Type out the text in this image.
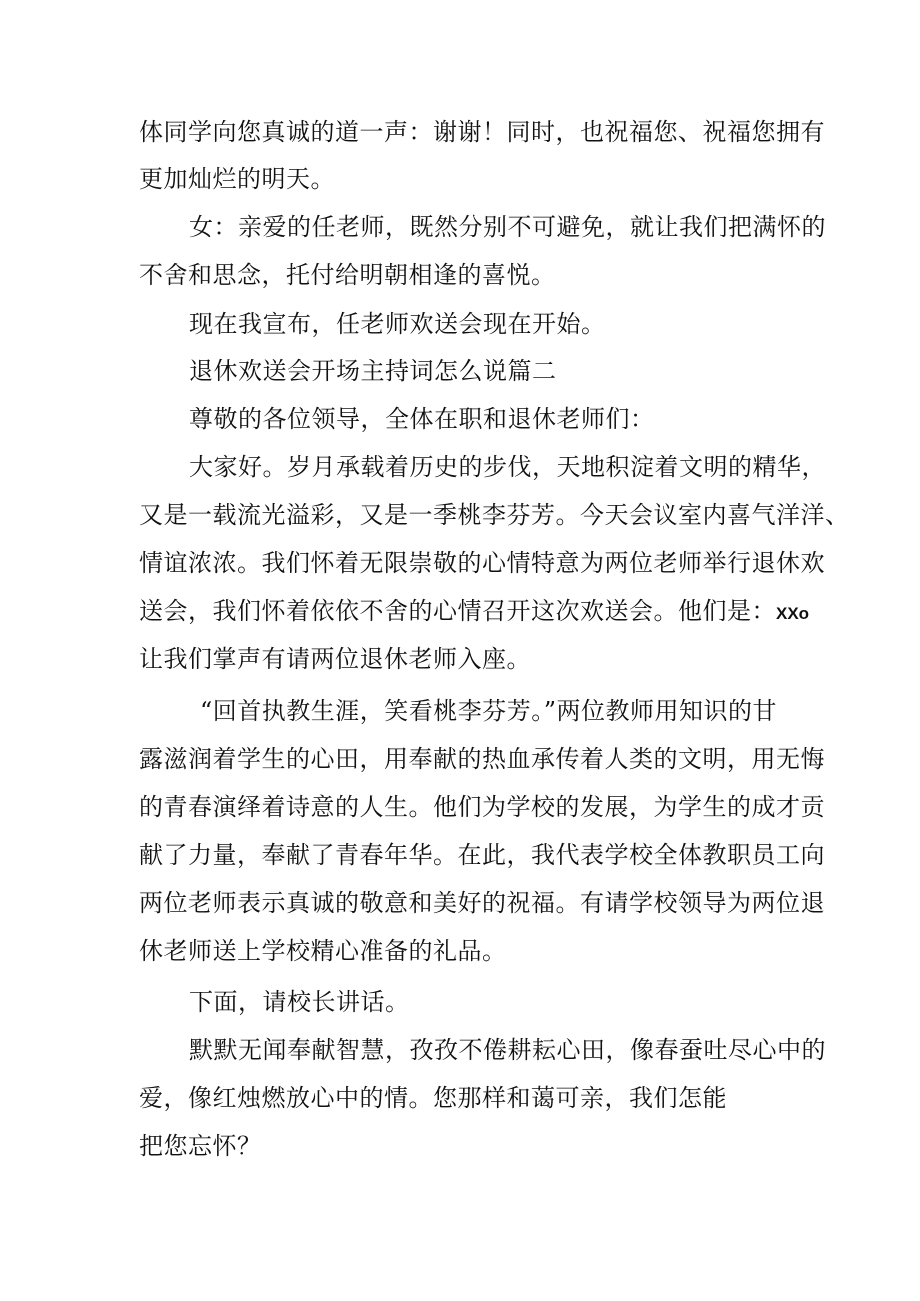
体同学向您真诚的道一声：谢谢！同时，也祝福您、祝福您拥有
更加灿烂的明天。
女：亲爱的任老师，既然分别不可避免，就让我们把满怀的
不舍和思念，托付给明朝相逢的喜悦。
现在我宣布，任老师欢送会现在开始。
退休欢送会开场主持词怎么说篇二
尊敬的各位领导，全体在职和退休老师们：
大家好。岁月承载着历史的步伐，天地积淀着文明的精华，
又是一载流光溢彩，又是一季桃李芬芳。今天会议室内喜气洋洋、
情谊浓浓。我们怀着无限崇敬的心情特意为两位老师举行退休欢
送会，我们怀着依依不舍的心情召开这次欢送会。他们是：XXo
让我们掌声有请两位退休老师入座。
“回首执教生涯，笑看桃李芬芳。”两位教师用知识的甘
露滋润着学生的心田，用奉献的热血承传着人类的文明，用无悔
的青春演绎着诗意的人生。他们为学校的发展，为学生的成才贡
献了力量，奉献了青春年华。在此，我代表学校全体教职员工向
两位老师表示真诚的敬意和美好的祝福。有请学校领导为两位退
休老师送上学校精心准备的礼品。
下面，请校长讲话。
默默无闻奉献智慧，孜孜不倦耕耘心田，像春蚕吐尽心中的
爱，像红烛燃放心中的情。您那样和蔼可亲，我们怎能
把您忘怀？
